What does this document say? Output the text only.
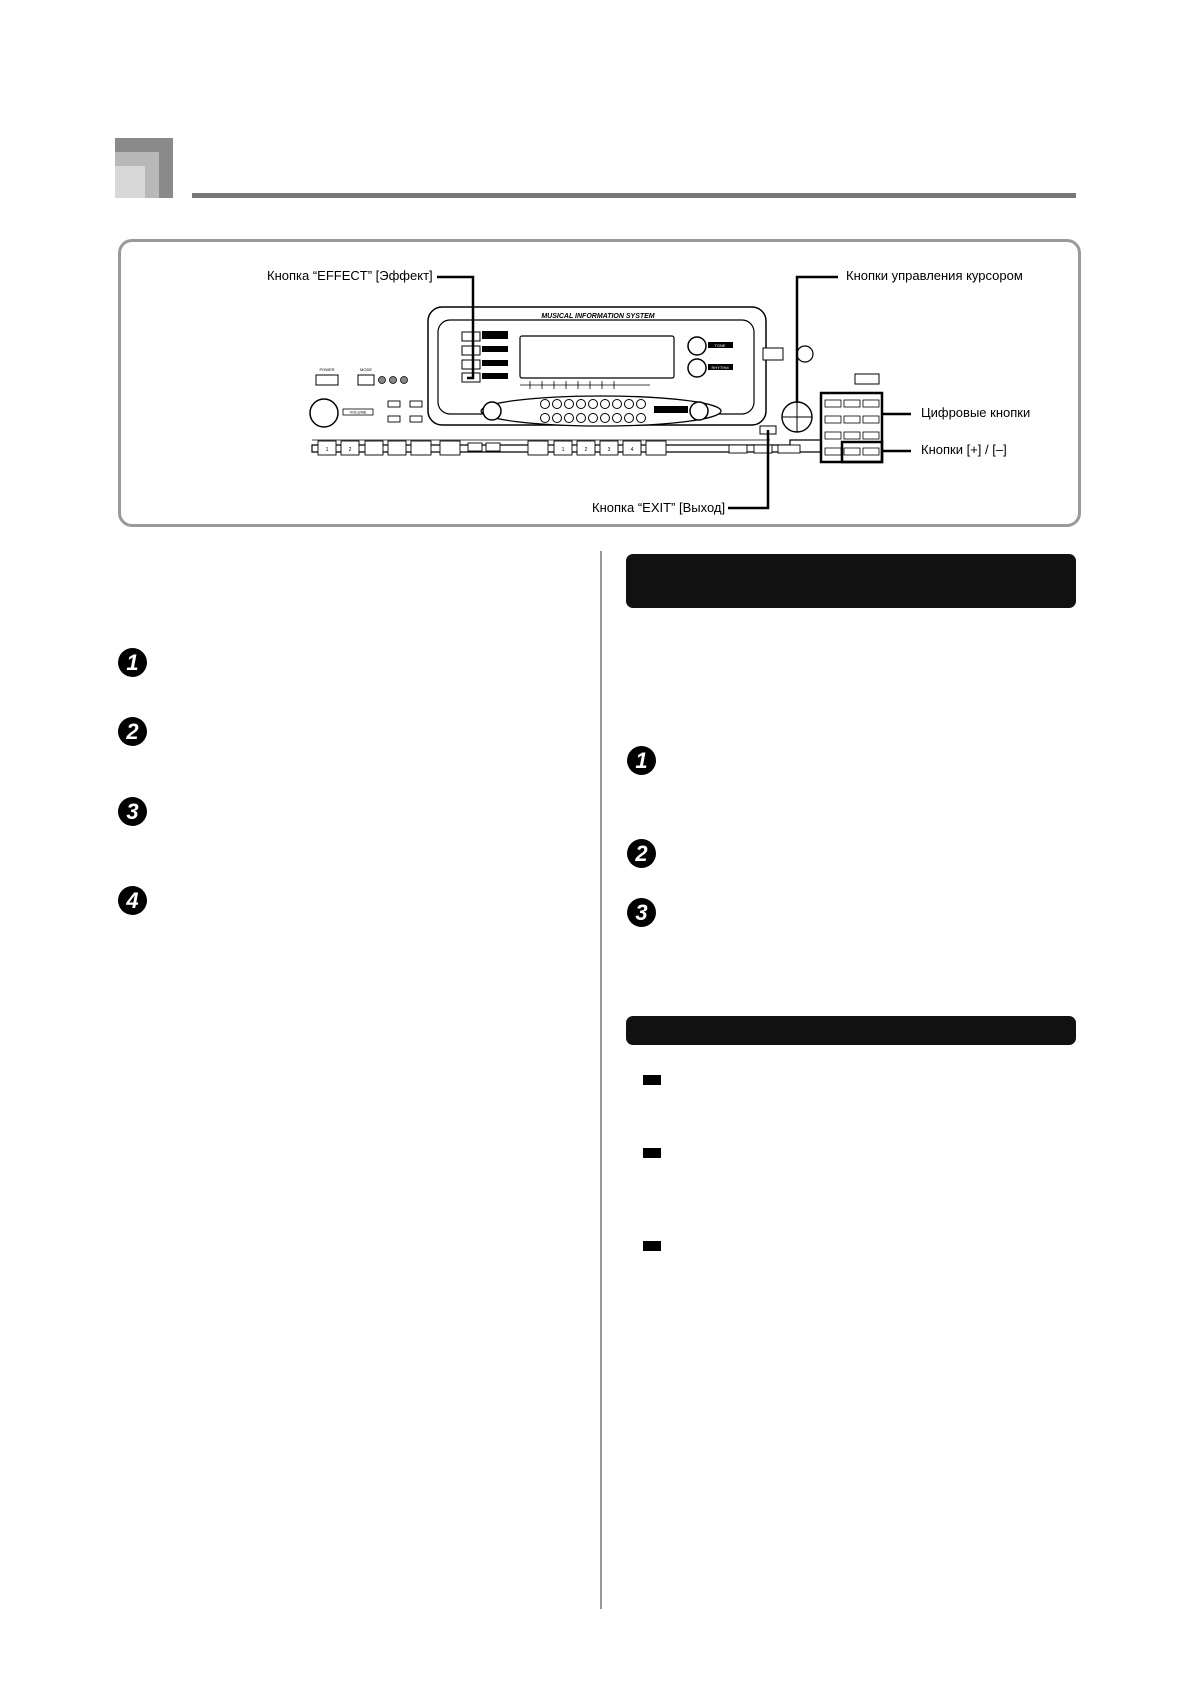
MUSICAL INFORMATION SYSTEM
TONE
RHYTHM
POWER	MODE
VOLUME
1	2	1	2	3	4
Кнопка “EFFECT” [Эффект]	Кнопки управления курсором
Цифровые кнопки
Кнопки [+] / [–]
Кнопка “EXIT” [Выход]
1
2
3
4
1
2
3
